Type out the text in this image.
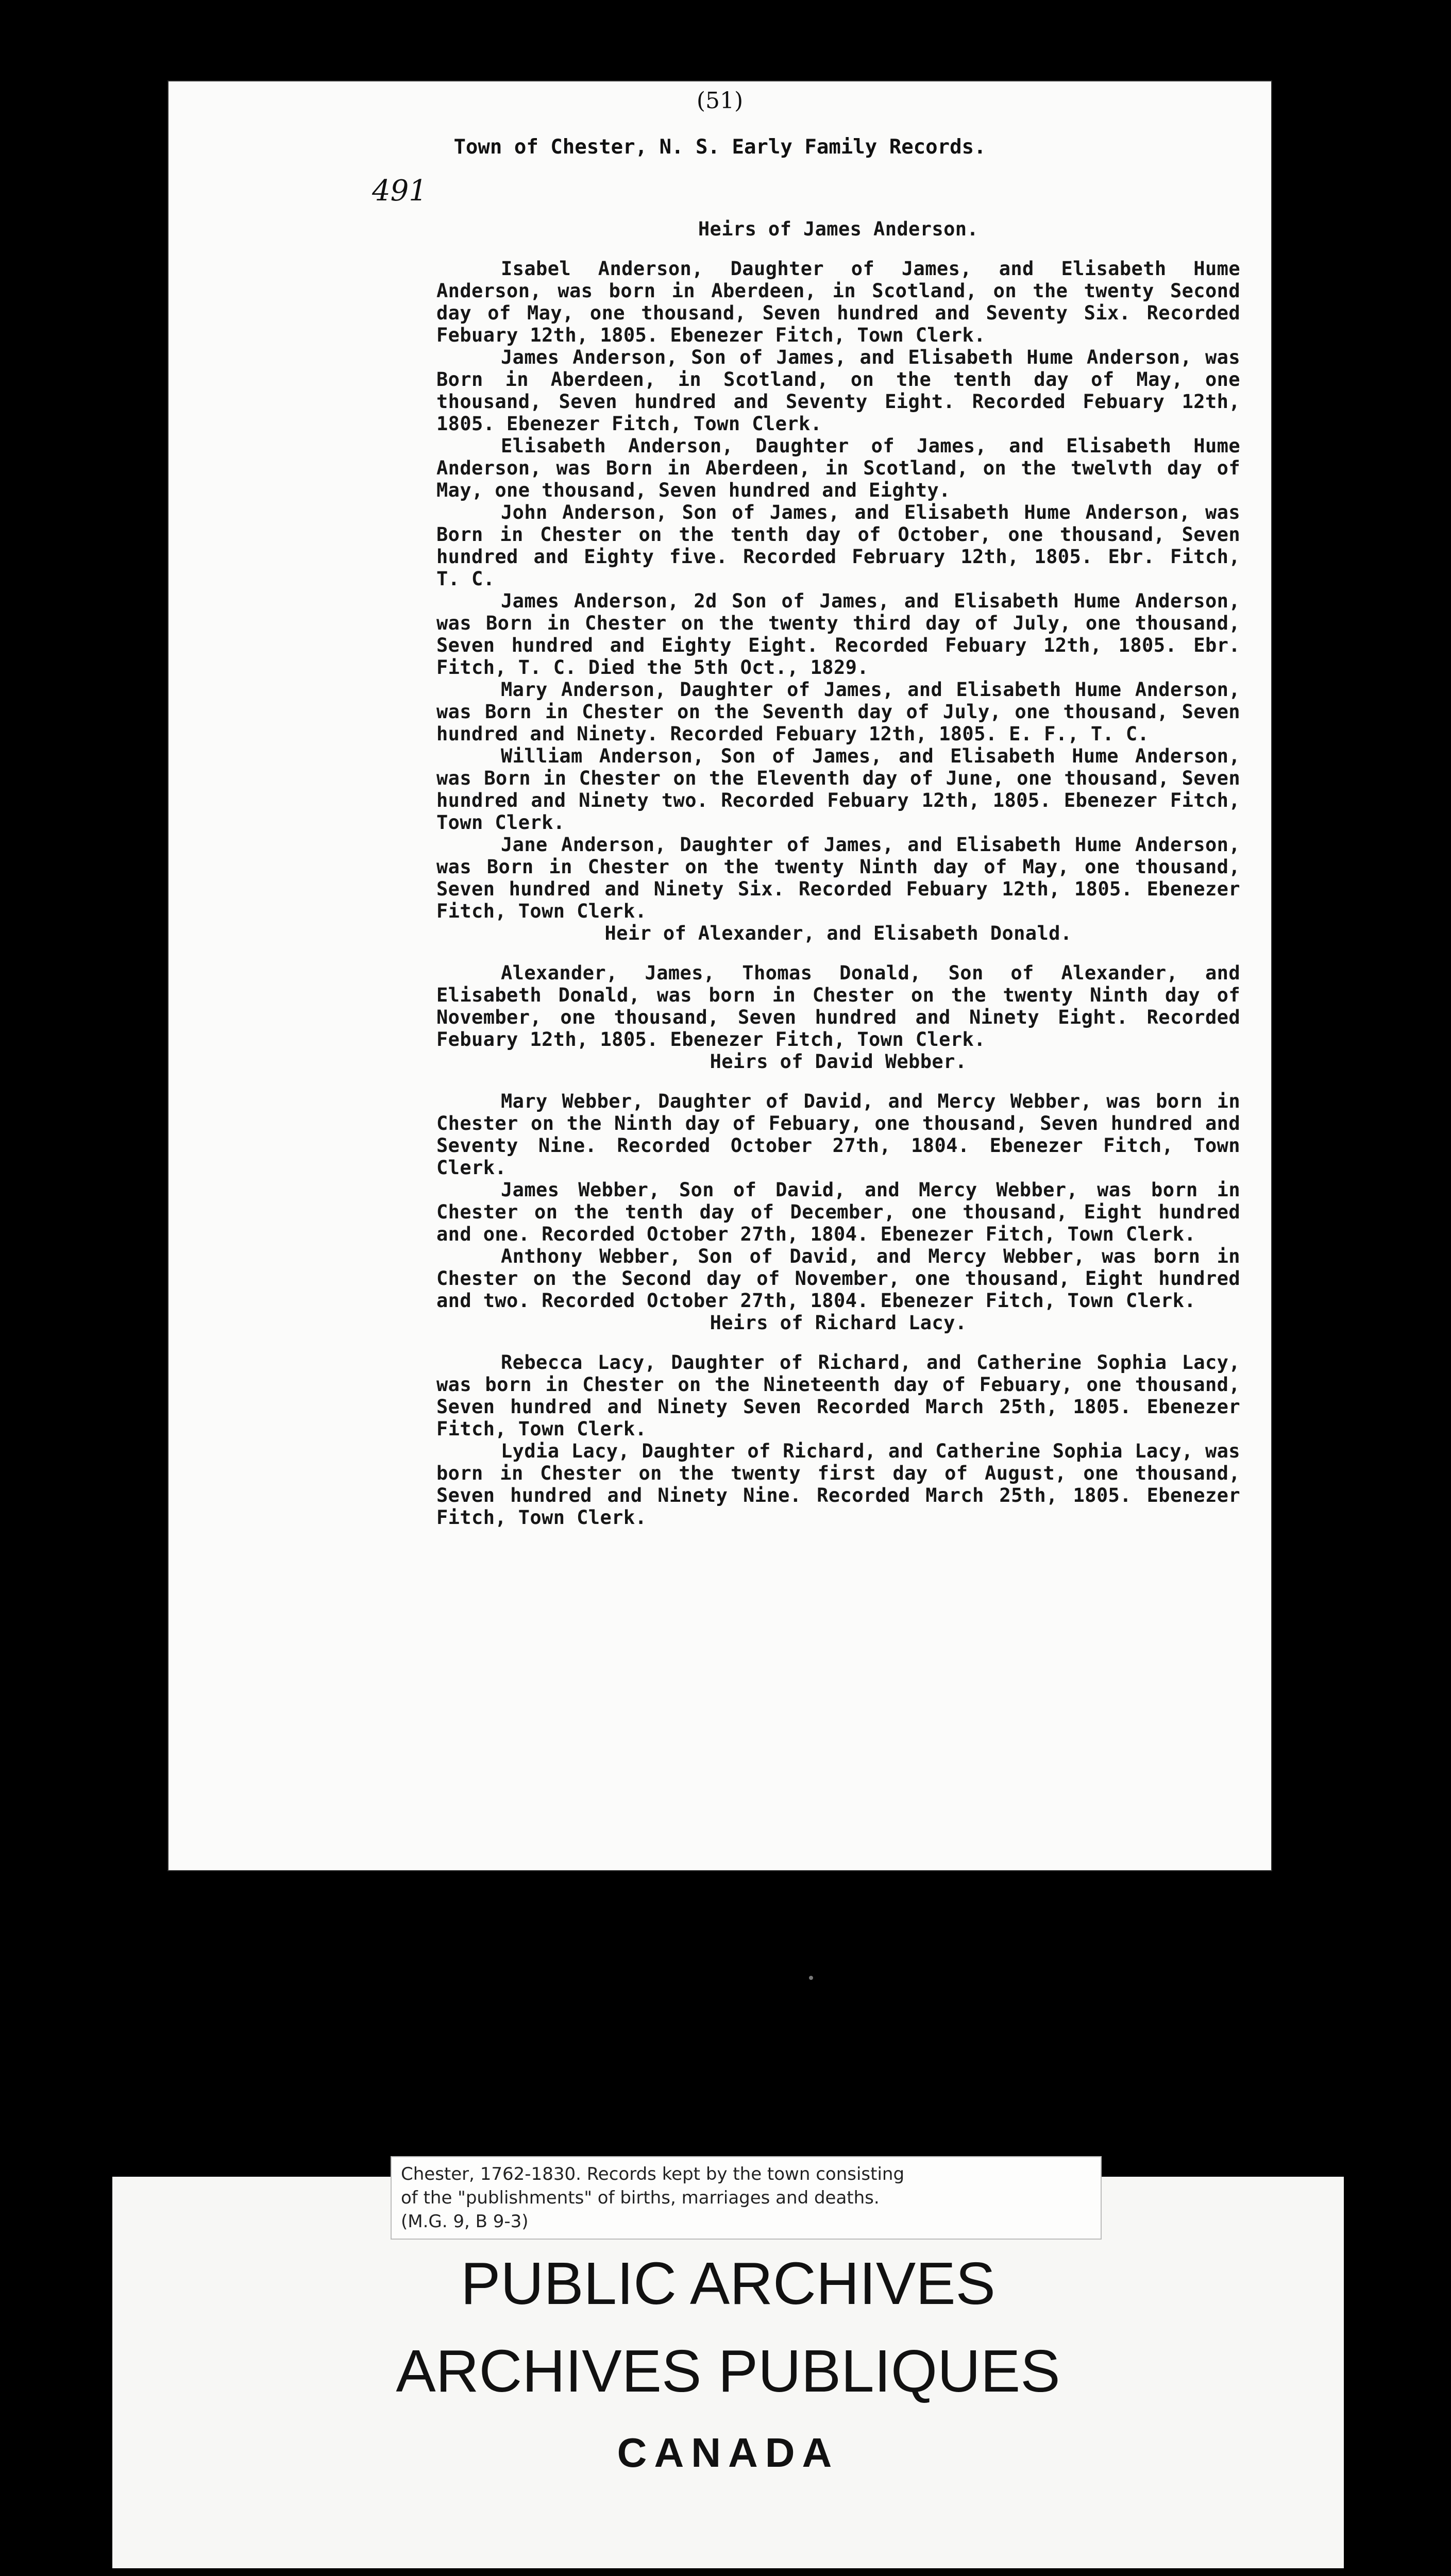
(51)
491
Town of Chester, N. S. Early Family Records.
Heirs of James Anderson.

Isabel Anderson, Daughter of James, and Elisabeth Hume Anderson, was born in Aberdeen, in Scotland, on the twenty Second day of May, one thousand, Seven hundred and Seventy Six. Recorded Febuary 12th, 1805. Ebenezer Fitch, Town Clerk.

James Anderson, Son of James, and Elisabeth Hume Anderson, was Born in Aberdeen, in Scotland, on the tenth day of May, one thousand, Seven hundred and Seventy Eight. Recorded Febuary 12th, 1805. Ebenezer Fitch, Town Clerk.

Elisabeth Anderson, Daughter of James, and Elisabeth Hume Anderson, was Born in Aberdeen, in Scotland, on the twelvth day of May, one thousand, Seven hundred and Eighty.

John Anderson, Son of James, and Elisabeth Hume Anderson, was Born in Chester on the tenth day of October, one thousand, Seven hundred and Eighty five. Recorded February 12th, 1805. Ebr. Fitch, T. C.

James Anderson, 2d Son of James, and Elisabeth Hume Anderson, was Born in Chester on the twenty third day of July, one thousand, Seven hundred and Eighty Eight. Recorded Febuary 12th, 1805. Ebr. Fitch, T. C. Died the 5th Oct., 1829.

Mary Anderson, Daughter of James, and Elisabeth Hume Anderson, was Born in Chester on the Seventh day of July, one thousand, Seven hundred and Ninety. Recorded Febuary 12th, 1805. E. F., T. C.

William Anderson, Son of James, and Elisabeth Hume Anderson, was Born in Chester on the Eleventh day of June, one thousand, Seven hundred and Ninety two. Recorded Febuary 12th, 1805. Ebenezer Fitch, Town Clerk.

Jane Anderson, Daughter of James, and Elisabeth Hume Anderson, was Born in Chester on the twenty Ninth day of May, one thousand, Seven hundred and Ninety Six. Recorded Febuary 12th, 1805. Ebenezer Fitch, Town Clerk.

Heir of Alexander, and Elisabeth Donald.

Alexander, James, Thomas Donald, Son of Alexander, and Elisabeth Donald, was born in Chester on the twenty Ninth day of November, one thousand, Seven hundred and Ninety Eight. Recorded Febuary 12th, 1805. Ebenezer Fitch, Town Clerk.

Heirs of David Webber.

Mary Webber, Daughter of David, and Mercy Webber, was born in Chester on the Ninth day of Febuary, one thousand, Seven hundred and Seventy Nine. Recorded October 27th, 1804. Ebenezer Fitch, Town Clerk.

James Webber, Son of David, and Mercy Webber, was born in Chester on the tenth day of December, one thousand, Eight hundred and one. Recorded October 27th, 1804. Ebenezer Fitch, Town Clerk.

Anthony Webber, Son of David, and Mercy Webber, was born in Chester on the Second day of November, one thousand, Eight hundred and two. Recorded October 27th, 1804. Ebenezer Fitch, Town Clerk.

Heirs of Richard Lacy.

Rebecca Lacy, Daughter of Richard, and Catherine Sophia Lacy, was born in Chester on the Nineteenth day of Febuary, one thousand, Seven hundred and Ninety Seven Recorded March 25th, 1805. Ebenezer Fitch, Town Clerk.

Lydia Lacy, Daughter of Richard, and Catherine Sophia Lacy, was born in Chester on the twenty first day of August, one thousand, Seven hundred and Ninety Nine. Recorded March 25th, 1805. Ebenezer Fitch, Town Clerk.

Chester, 1762-1830. Records kept by the town consisting
of the "publishments" of births, marriages and deaths.
(M.G. 9, B 9-3)
PUBLIC ARCHIVES
ARCHIVES PUBLIQUES
CANADA
